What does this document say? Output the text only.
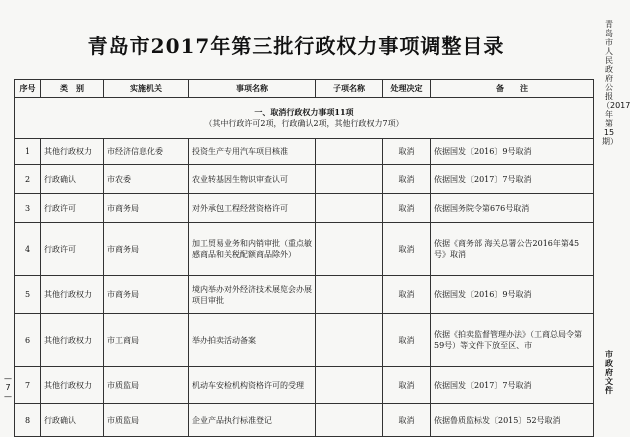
青岛市2017年第三批行政权力事项调整目录
序号	类　别	实施机关	事项名称	子项名称	处理决定	备　　注

一、取消行政权力事项11项
（其中行政许可2项，行政确认2项，其他行政权力7项）						

1	其他行政权力	市经济信息化委	投资生产专用汽车项目核准		取消	依据国发〔2016〕9号取消
2	行政确认	市农委	农业转基因生物识审查认可		取消	依据国发〔2017〕7号取消
3	行政许可	市商务局	对外承包工程经营资格许可		取消	依据国务院令第676号取消
4	行政许可	市商务局	加工贸易业务和内销审批（重点敏感商品和关税配额商品除外）		取消	依据《商务部 海关总署公告2016年第45号》取消
5	其他行政权力	市商务局	境内举办对外经济技术展览会办展项目审批		取消	依据国发〔2016〕9号取消
6	其他行政权力	市工商局	举办拍卖活动备案		取消	依据《拍卖监督管理办法》（工商总局令第59号）等文件下放至区、市
7	其他行政权力	市质监局	机动车安检机构资格许可的受理		取消	依据国发〔2017〕7号取消
8	行政确认	市质监局	企业产品执行标准登记		取消	依据鲁质监标发〔2015〕52号取消
青岛市人民政府公报（2017年第15期）
市政府文件
— 7 —
